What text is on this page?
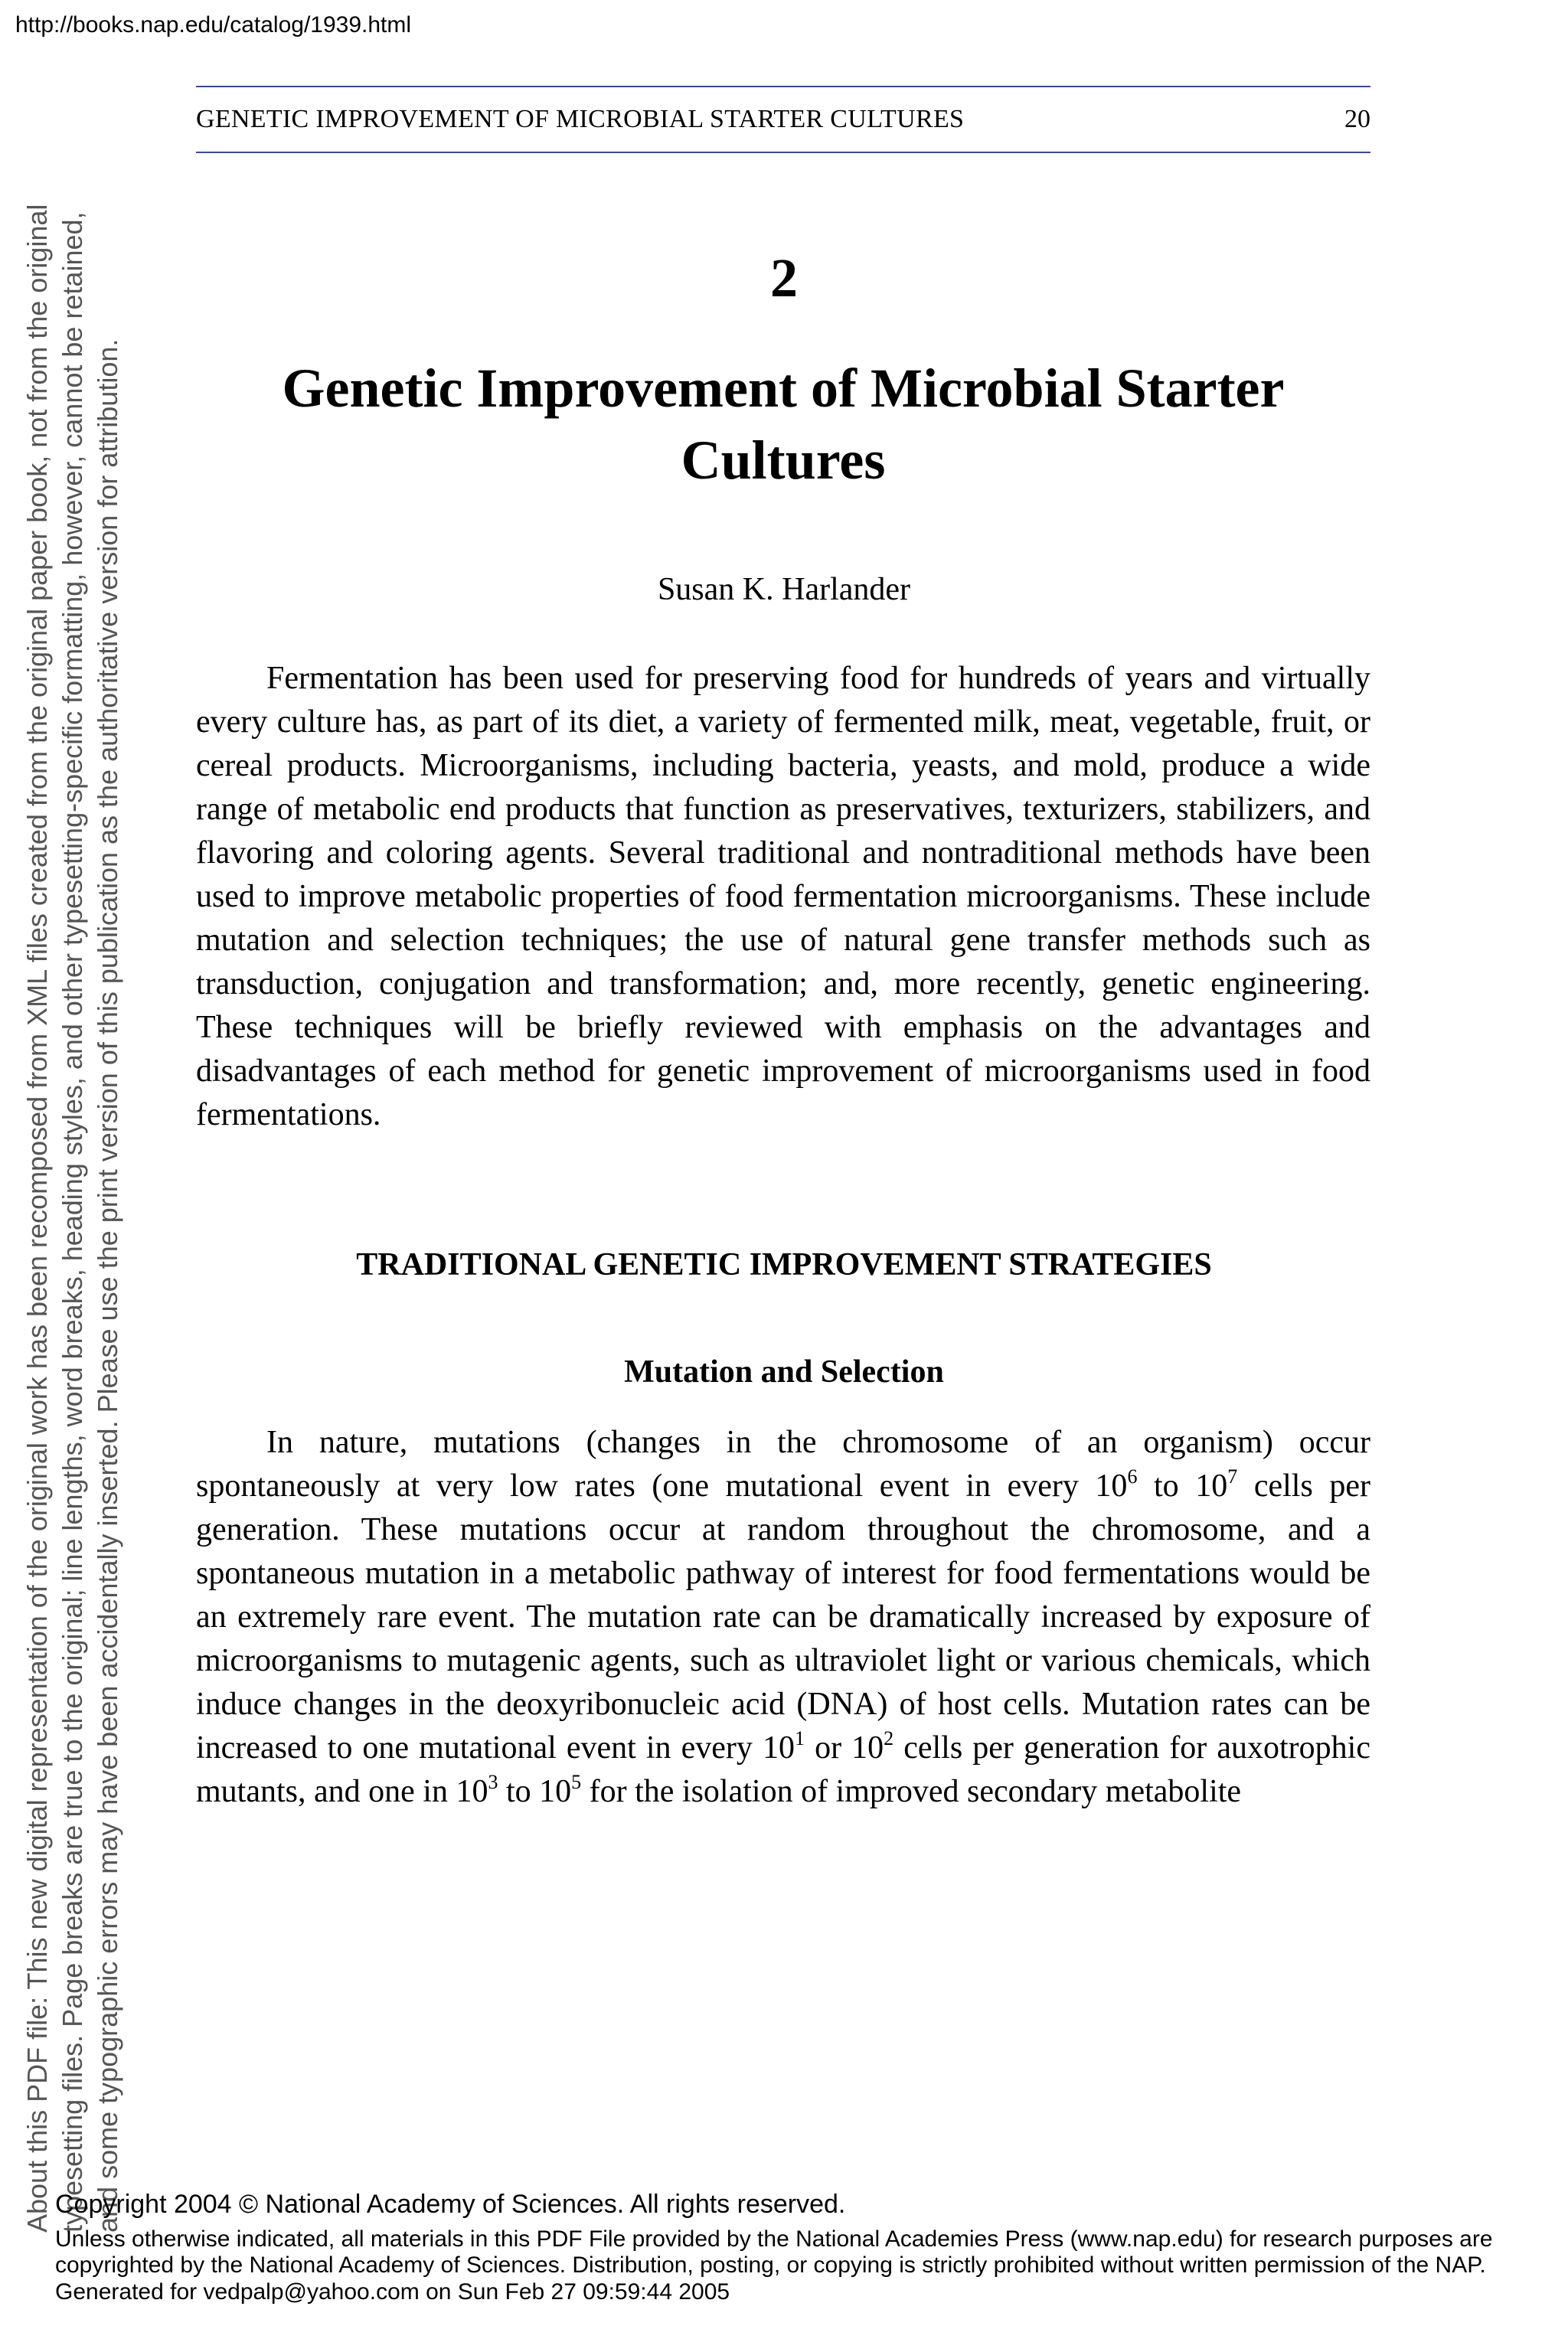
http://books.nap.edu/catalog/1939.html
About this PDF file: This new digital representation of the original work has been recomposed from XML files created from the original paper book, not from the original typesetting files. Page breaks are true to the original; line lengths, word breaks, heading styles, and other typesetting-specific formatting, however, cannot be retained, and some typographic errors may have been accidentally inserted. Please use the print version of this publication as the authoritative version for attribution.
GENETIC IMPROVEMENT OF MICROBIAL STARTER CULTURES	20
2
Genetic Improvement of Microbial Starter Cultures
Susan K. Harlander

Fermentation has been used for preserving food for hundreds of years and virtually every culture has, as part of its diet, a variety of fermented milk, meat, vegetable, fruit, or cereal products. Microorganisms, including bacteria, yeasts, and mold, produce a wide range of metabolic end products that function as preservatives, texturizers, stabilizers, and flavoring and coloring agents. Several traditional and nontraditional methods have been used to improve metabolic properties of food fermentation microorganisms. These include mutation and selection techniques; the use of natural gene transfer methods such as transduction, conjugation and transformation; and, more recently, genetic engineering. These techniques will be briefly reviewed with emphasis on the advantages and disadvantages of each method for genetic improvement of microorganisms used in food fermentations.

TRADITIONAL GENETIC IMPROVEMENT STRATEGIES
Mutation and Selection

In nature, mutations (changes in the chromosome of an organism) occur spontaneously at very low rates (one mutational event in every $10^6$ to $10^7$ cells per generation. These mutations occur at random throughout the chromosome, and a spontaneous mutation in a metabolic pathway of interest for food fermentations would be an extremely rare event. The mutation rate can be dramatically increased by exposure of microorganisms to mutagenic agents, such as ultraviolet light or various chemicals, which induce changes in the deoxyribonucleic acid (DNA) of host cells. Mutation rates can be increased to one mutational event in every $10^1$ or $10^2$ cells per generation for auxotrophic mutants, and one in $10^3$ to $10^5$ for the isolation of improved secondary metabolite

Copyright 2004 © National Academy of Sciences. All rights reserved.
Unless otherwise indicated, all materials in this PDF File provided by the National Academies Press (www.nap.edu) for research purposes are copyrighted by the National Academy of Sciences. Distribution, posting, or copying is strictly prohibited without written permission of the NAP.
Generated for vedpalp@yahoo.com on Sun Feb 27 09:59:44 2005
